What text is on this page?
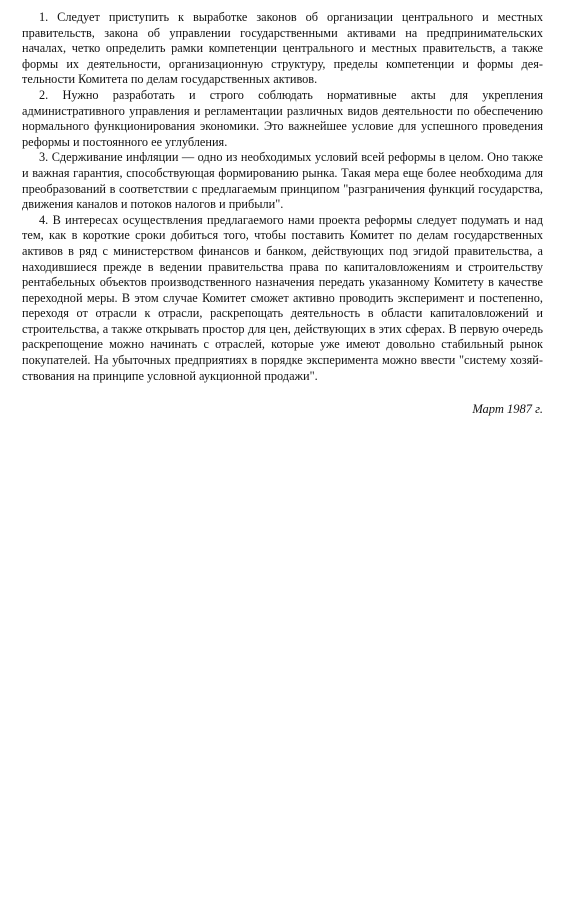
1. Следует приступить к выработке законов об организации центрального и местных правительств, закона об управлении государственными активами на предпринимательских началах, четко определить рамки компетенции центрального и местных правительств, а также формы их деятельности, организационную структуру, пределы компетенции и формы деятельности Комитета по делам государственных активов.

2. Нужно разработать и строго соблюдать нормативные акты для укрепления административного управления и регламентации различных видов деятельности по обеспечению нормального функционирования экономики. Это важнейшее условие для успешного проведения реформы и постоянного ее углубления.

3. Сдерживание инфляции — одно из необходимых условий всей реформы в целом. Оно также и важная гарантия, способствующая формированию рынка. Такая мера еще более необходима для преобразований в соответствии с предлагаемым принципом "разграничения функций государства, движения каналов и потоков налогов и прибыли".

4. В интересах осуществления предлагаемого нами проекта реформы следует подумать и над тем, как в короткие сроки добиться того, чтобы поставить Комитет по делам государственных активов в ряд с министерством финансов и банком, действующих под эгидой правительства, а находившиеся прежде в ведении правительства права по капиталовложениям и строительству рентабельных объектов производственного назначения передать указанному Комитету в качестве переходной меры. В этом случае Комитет сможет активно проводить эксперимент и постепенно, переходя от отрасли к отрасли, раскрепощать деятельность в области капиталовложений и строительства, а также открывать простор для цен, действующих в этих сферах. В первую очередь раскрепощение можно начинать с отраслей, которые уже имеют довольно стабильный рынок покупателей. На убыточных предприятиях в порядке эксперимента можно ввести "систему хозяйствования на принципе условной аукционной продажи".

Март 1987 г.
